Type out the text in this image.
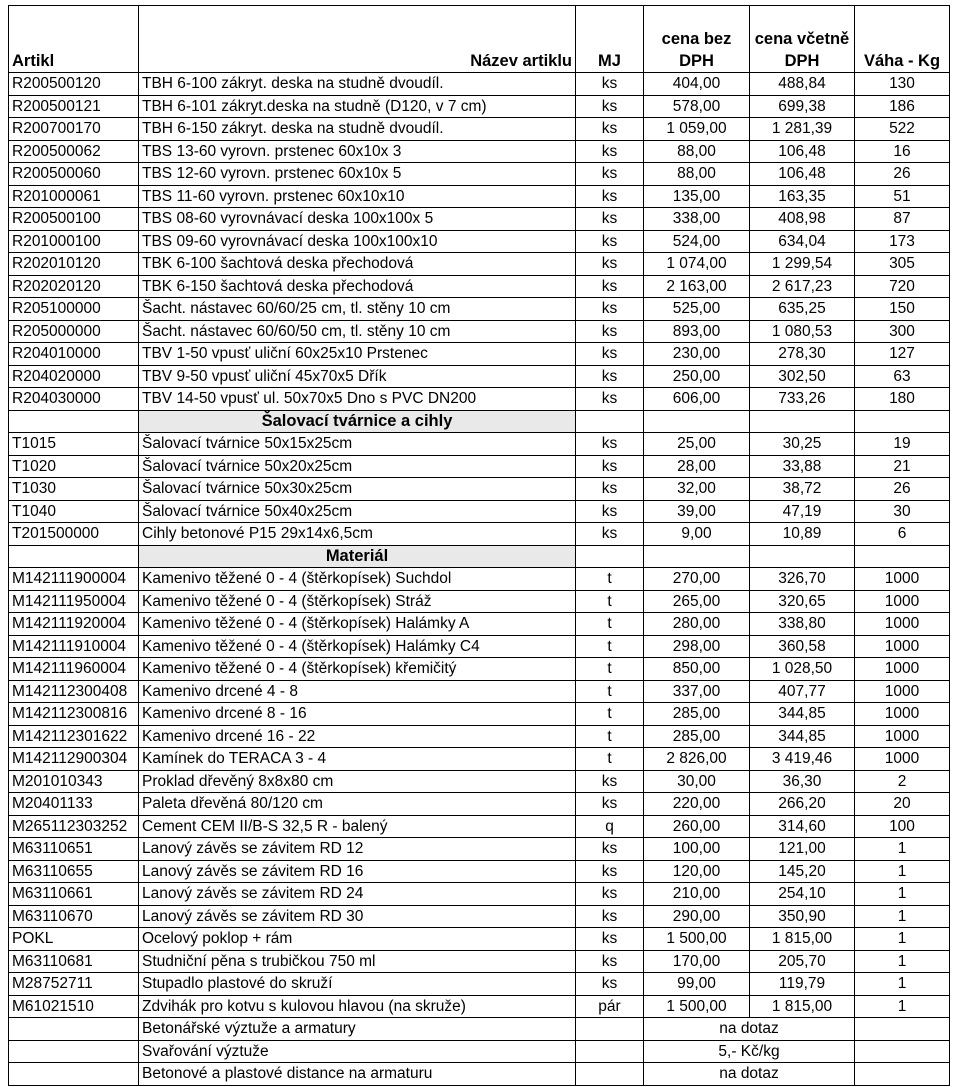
Artikl	Název artiklu	MJ	cena bez DPH	cena včetně DPH	Váha - Kg
R200500120	TBH 6-100 zákryt. deska na studně dvoudíl.	ks	404,00	488,84	130
R200500121	TBH 6-101 zákryt.deska na studně (D120, v 7 cm)	ks	578,00	699,38	186
R200700170	TBH 6-150 zákryt. deska na studně dvoudíl.	ks	1 059,00	1 281,39	522
R200500062	TBS 13-60 vyrovn. prstenec 60x10x 3	ks	88,00	106,48	16
R200500060	TBS 12-60 vyrovn. prstenec 60x10x 5	ks	88,00	106,48	26
R201000061	TBS 11-60 vyrovn. prstenec 60x10x10	ks	135,00	163,35	51
R200500100	TBS 08-60 vyrovnávací deska 100x100x 5	ks	338,00	408,98	87
R201000100	TBS 09-60 vyrovnávací deska 100x100x10	ks	524,00	634,04	173
R202010120	TBK 6-100 šachtová deska přechodová	ks	1 074,00	1 299,54	305
R202020120	TBK 6-150 šachtová deska přechodová	ks	2 163,00	2 617,23	720
R205100000	Šacht. nástavec 60/60/25 cm, tl. stěny 10 cm	ks	525,00	635,25	150
R205000000	Šacht. nástavec 60/60/50 cm, tl. stěny 10 cm	ks	893,00	1 080,53	300
R204010000	TBV 1-50 vpusť uliční 60x25x10 Prstenec	ks	230,00	278,30	127
R204020000	TBV 9-50 vpusť uliční 45x70x5 Dřík	ks	250,00	302,50	63
R204030000	TBV 14-50 vpusť ul. 50x70x5 Dno s PVC DN200	ks	606,00	733,26	180
	Šalovací tvárnice a cihly				
T1015	Šalovací tvárnice 50x15x25cm	ks	25,00	30,25	19
T1020	Šalovací tvárnice 50x20x25cm	ks	28,00	33,88	21
T1030	Šalovací tvárnice 50x30x25cm	ks	32,00	38,72	26
T1040	Šalovací tvárnice 50x40x25cm	ks	39,00	47,19	30
T201500000	Cihly betonové P15 29x14x6,5cm	ks	9,00	10,89	6
	Materiál				
M142111900004	Kamenivo těžené 0 - 4 (štěrkopísek) Suchdol	t	270,00	326,70	1000
M142111950004	Kamenivo těžené 0 - 4 (štěrkopísek) Stráž	t	265,00	320,65	1000
M142111920004	Kamenivo těžené 0 - 4 (štěrkopísek) Halámky A	t	280,00	338,80	1000
M142111910004	Kamenivo těžené 0 - 4 (štěrkopísek) Halámky C4	t	298,00	360,58	1000
M142111960004	Kamenivo těžené 0 - 4 (štěrkopísek) křemičitý	t	850,00	1 028,50	1000
M142112300408	Kamenivo drcené 4 - 8	t	337,00	407,77	1000
M142112300816	Kamenivo drcené 8 - 16	t	285,00	344,85	1000
M142112301622	Kamenivo drcené 16 - 22	t	285,00	344,85	1000
M142112900304	Kamínek do TERACA 3 - 4	t	2 826,00	3 419,46	1000
M201010343	Proklad dřevěný 8x8x80 cm	ks	30,00	36,30	2
M20401133	Paleta dřevěná 80/120 cm	ks	220,00	266,20	20
M265112303252	Cement CEM II/B-S 32,5 R - balený	q	260,00	314,60	100
M63110651	Lanový závěs se závitem RD 12	ks	100,00	121,00	1
M63110655	Lanový závěs se závitem RD 16	ks	120,00	145,20	1
M63110661	Lanový závěs se závitem RD 24	ks	210,00	254,10	1
M63110670	Lanový závěs se závitem RD 30	ks	290,00	350,90	1
POKL	Ocelový poklop + rám	ks	1 500,00	1 815,00	1
M63110681	Studniční pěna s trubičkou 750 ml	ks	170,00	205,70	1
M28752711	Stupadlo plastové do skruží	ks	99,00	119,79	1
M61021510	Zdvihák pro kotvu s kulovou hlavou (na skruže)	pár	1 500,00	1 815,00	1
	Betonářské výztuže a armatury		na dotaz		
	Svařování výztuže		5,- Kč/kg		
	Betonové a plastové distance na armaturu		na dotaz		
